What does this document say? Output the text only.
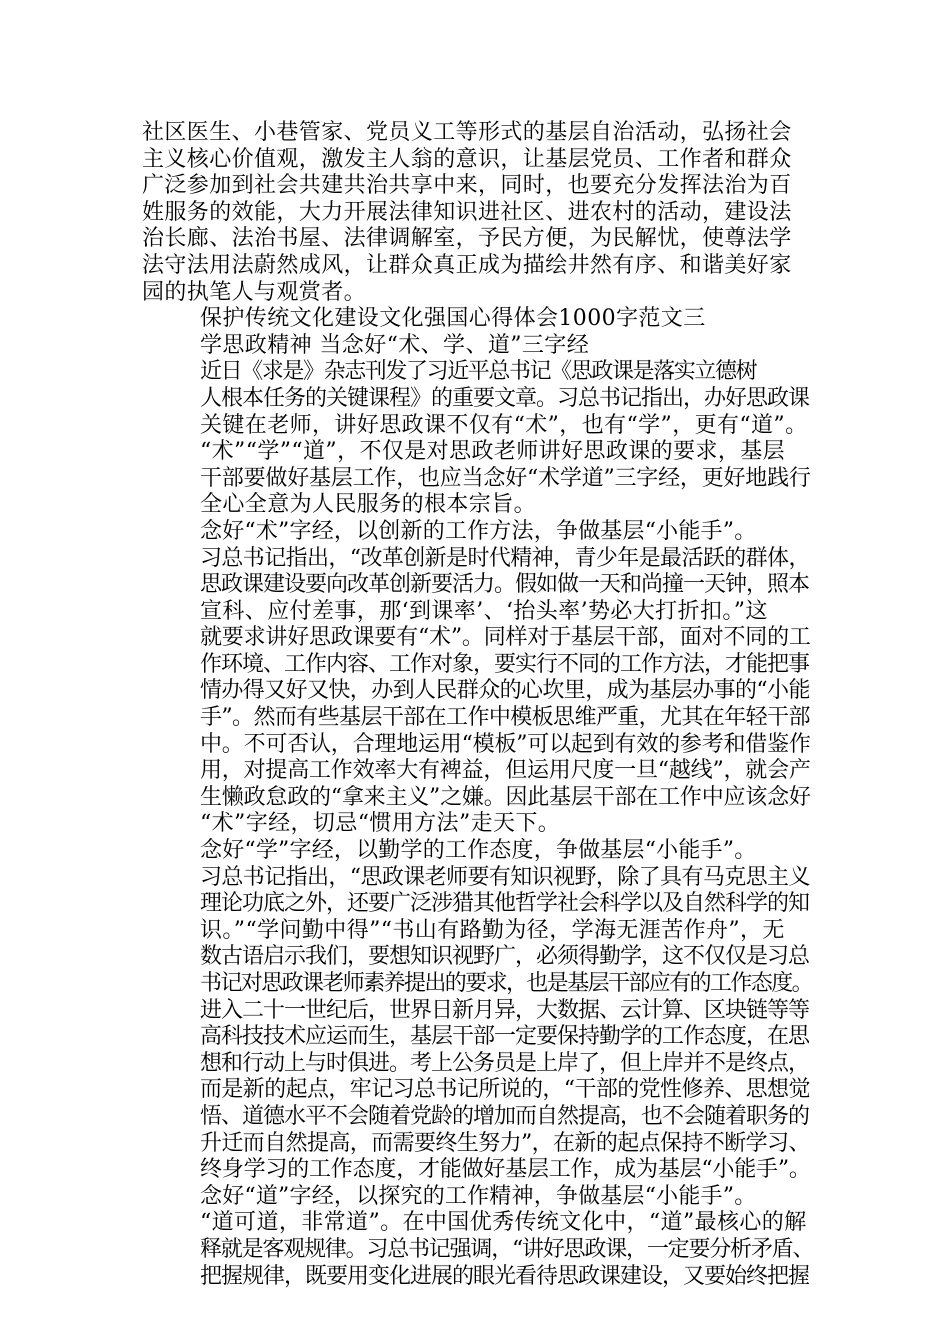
社区医生、小巷管家、党员义工等形式的基层自治活动，弘扬社会
主义核心价值观，激发主人翁的意识，让基层党员、工作者和群众
广泛参加到社会共建共治共享中来，同时，也要充分发挥法治为百
姓服务的效能，大力开展法律知识进社区、进农村的活动，建设法
治长廊、法治书屋、法律调解室，予民方便，为民解忧，使尊法学
法守法用法蔚然成风，让群众真正成为描绘井然有序、和谐美好家
园的执笔人与观赏者。
保护传统文化建设文化强国心得体会1000字范文三
学思政精神 当念好“术、学、道”三字经
近日《求是》杂志刊发了习近平总书记《思政课是落实立德树
人根本任务的关键课程》的重要文章。习总书记指出，办好思政课
关键在老师，讲好思政课不仅有“术”，也有“学”，更有“道”。
“术”“学”“道”，不仅是对思政老师讲好思政课的要求，基层
干部要做好基层工作，也应当念好“术学道”三字经，更好地践行
全心全意为人民服务的根本宗旨。
念好“术”字经，以创新的工作方法，争做基层“小能手”。
习总书记指出，“改革创新是时代精神，青少年是最活跃的群体，
思政课建设要向改革创新要活力。假如做一天和尚撞一天钟，照本
宣科、应付差事，那‘到课率’、‘抬头率’势必大打折扣。”这
就要求讲好思政课要有“术”。同样对于基层干部，面对不同的工
作环境、工作内容、工作对象，要实行不同的工作方法，才能把事
情办得又好又快，办到人民群众的心坎里，成为基层办事的“小能
手”。然而有些基层干部在工作中模板思维严重，尤其在年轻干部
中。不可否认，合理地运用“模板”可以起到有效的参考和借鉴作
用，对提高工作效率大有裨益，但运用尺度一旦“越线”，就会产
生懒政怠政的“拿来主义”之嫌。因此基层干部在工作中应该念好
“术”字经，切忌“惯用方法”走天下。
念好“学”字经，以勤学的工作态度，争做基层“小能手”。
习总书记指出，“思政课老师要有知识视野，除了具有马克思主义
理论功底之外，还要广泛涉猎其他哲学社会科学以及自然科学的知
识。”“学问勤中得”“书山有路勤为径，学海无涯苦作舟”，无
数古语启示我们，要想知识视野广，必须得勤学，这不仅仅是习总
书记对思政课老师素养提出的要求，也是基层干部应有的工作态度。
进入二十一世纪后，世界日新月异，大数据、云计算、区块链等等
高科技技术应运而生，基层干部一定要保持勤学的工作态度，在思
想和行动上与时俱进。考上公务员是上岸了，但上岸并不是终点，
而是新的起点，牢记习总书记所说的，“干部的党性修养、思想觉
悟、道德水平不会随着党龄的增加而自然提高，也不会随着职务的
升迁而自然提高，而需要终生努力”，在新的起点保持不断学习、
终身学习的工作态度，才能做好基层工作，成为基层“小能手”。
念好“道”字经，以探究的工作精神，争做基层“小能手”。
“道可道，非常道”。在中国优秀传统文化中，“道”最核心的解
释就是客观规律。习总书记强调，“讲好思政课，一定要分析矛盾、
把握规律，既要用变化进展的眼光看待思政课建设，又要始终把握
